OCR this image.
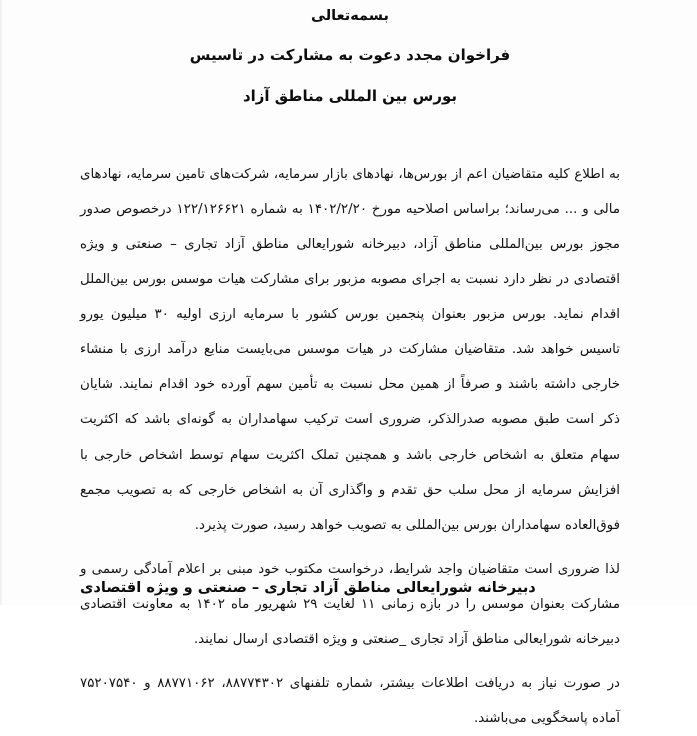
بسمه‌تعالی
فراخوان مجدد دعوت به مشارکت در تاسیس
بورس بین المللی مناطق آزاد

به اطلاع کلیه متقاضیان اعم از بورس‌ها، نهادهای بازار سرمایه، شرکت‌های تامین سرمایه، نهادهای مالی و ... می‌رساند؛ براساس اصلاحیه مورخ ۱۴۰۲/۲/۲۰ به شماره ۱۲۲/۱۲۶۶۲۱ درخصوص صدور مجوز بورس بین‌المللی مناطق آزاد، دبیرخانه شورایعالی مناطق آزاد تجاری – صنعتی و ویژه اقتصادی در نظر دارد نسبت به اجرای مصوبه مزبور برای مشارکت هیات موسس بورس بین‌الملل اقدام نماید. بورس مزبور بعنوان پنجمین بورس کشور با سرمایه ارزی اولیه ۳۰ میلیون یورو تاسیس خواهد شد. متقاضیان مشارکت در هیات موسس می‌بایست منابع درآمد ارزی با منشاء خارجی داشته باشند و صرفاً از همین محل نسبت به تأمین سهم آورده خود اقدام نمایند. شایان ذکر است طبق مصوبه صدرالذکر، ضروری است ترکیب سهامداران به گونه‌ای باشد که اکثریت سهام متعلق به اشخاص خارجی باشد و همچنین تملک اکثریت سهام توسط اشخاص خارجی با افزایش سرمایه از محل سلب حق تقدم و واگذاری آن به اشخاص خارجی که به تصویب مجمع فوق‌العاده سهامداران بورس بین‌المللی به تصویب خواهد رسید، صورت پذیرد.

لذا ضروری است متقاضیان واجد شرایط، درخواست مکتوب خود مبنی بر اعلام آمادگی رسمی و مشارکت بعنوان موسس را در بازه زمانی ۱۱ لغایت ۲۹ شهریور ماه ۱۴۰۲ به معاونت اقتصادی دبیرخانه شورایعالی مناطق آزاد تجاری _صنعتی و ویژه اقتصادی ارسال نمایند.

در صورت نیاز به دریافت اطلاعات بیشتر، شماره تلفنهای ۸۸۷۷۴۳۰۲، ۸۸۷۷۱۰۶۲ و ۷۵۲۰۷۵۴۰ آماده پاسخگویی می‌باشند.

دبیرخانه شورایعالی مناطق آزاد تجاری – صنعتی و ویژه اقتصادی
